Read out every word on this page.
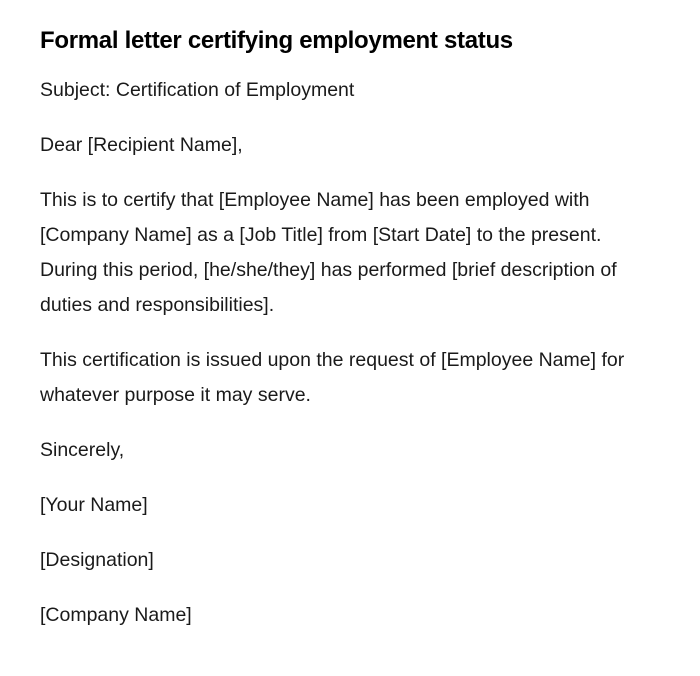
Formal letter certifying employment status

Subject: Certification of Employment

Dear [Recipient Name],

This is to certify that [Employee Name] has been employed with [Company Name] as a [Job Title] from [Start Date] to the present. During this period, [he/she/they] has performed [brief description of duties and responsibilities].

This certification is issued upon the request of [Employee Name] for whatever purpose it may serve.

Sincerely,

[Your Name]

[Designation]

[Company Name]
